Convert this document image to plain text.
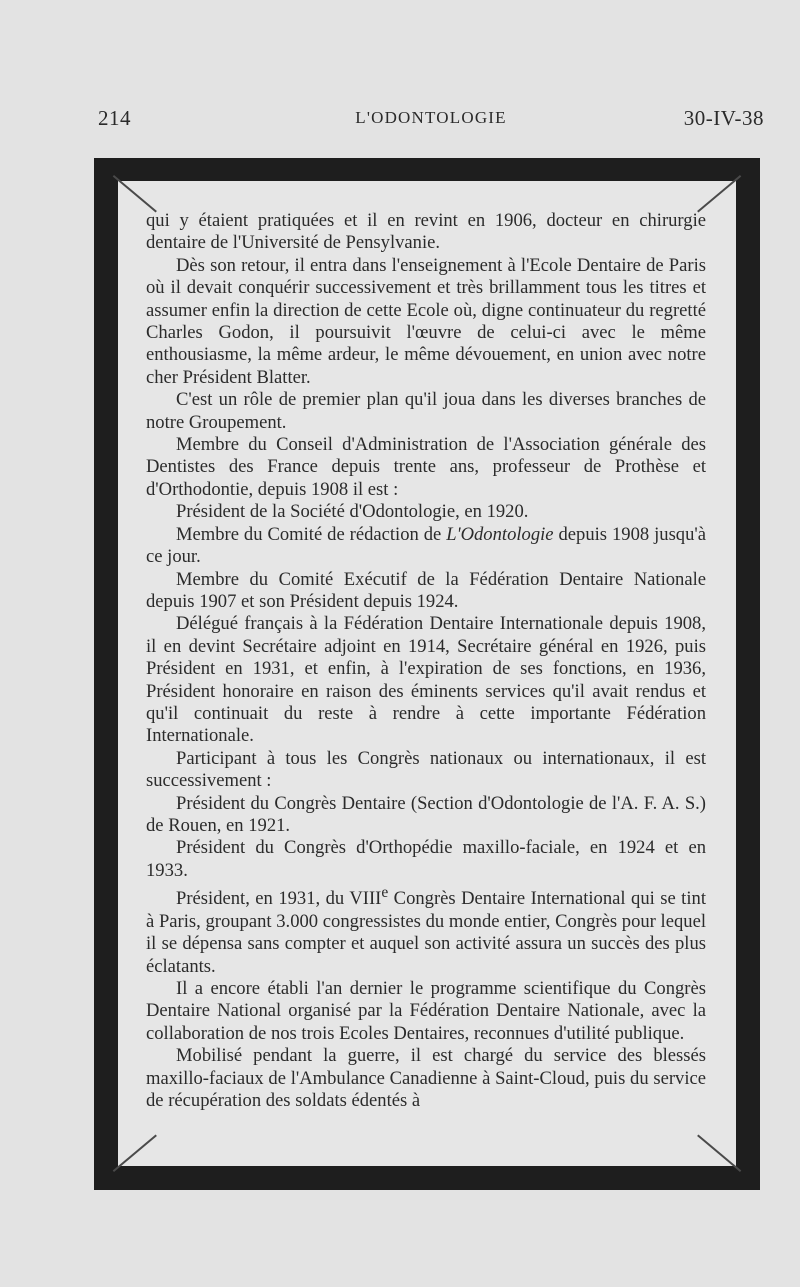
214	L'ODONTOLOGIE	30-IV-38

qui y étaient pratiquées et il en revint en 1906, docteur en chirurgie dentaire de l'Université de Pensylvanie.

Dès son retour, il entra dans l'enseignement à l'Ecole Dentaire de Paris où il devait conquérir successivement et très brillamment tous les titres et assumer enfin la direction de cette Ecole où, digne continuateur du regretté Charles Godon, il poursuivit l'œuvre de celui-ci avec le même enthousiasme, la même ardeur, le même dévouement, en union avec notre cher Président Blatter.

C'est un rôle de premier plan qu'il joua dans les diverses branches de notre Groupement.

Membre du Conseil d'Administration de l'Association générale des Dentistes des France depuis trente ans, professeur de Prothèse et d'Orthodontie, depuis 1908 il est :

Président de la Société d'Odontologie, en 1920.

Membre du Comité de rédaction de L'Odontologie depuis 1908 jusqu'à ce jour.

Membre du Comité Exécutif de la Fédération Dentaire Nationale depuis 1907 et son Président depuis 1924.

Délégué français à la Fédération Dentaire Internationale depuis 1908, il en devint Secrétaire adjoint en 1914, Secrétaire général en 1926, puis Président en 1931, et enfin, à l'expiration de ses fonctions, en 1936, Président honoraire en raison des éminents services qu'il avait rendus et qu'il continuait du reste à rendre à cette importante Fédération Internationale.

Participant à tous les Congrès nationaux ou internationaux, il est successivement :

Président du Congrès Dentaire (Section d'Odontologie de l'A. F. A. S.) de Rouen, en 1921.

Président du Congrès d'Orthopédie maxillo-faciale, en 1924 et en 1933.

Président, en 1931, du VIIIe Congrès Dentaire International qui se tint à Paris, groupant 3.000 congressistes du monde entier, Congrès pour lequel il se dépensa sans compter et auquel son activité assura un succès des plus éclatants.

Il a encore établi l'an dernier le programme scientifique du Congrès Dentaire National organisé par la Fédération Dentaire Nationale, avec la collaboration de nos trois Ecoles Dentaires, reconnues d'utilité publique.

Mobilisé pendant la guerre, il est chargé du service des blessés maxillo-faciaux de l'Ambulance Canadienne à Saint-Cloud, puis du service de récupération des soldats édentés à
